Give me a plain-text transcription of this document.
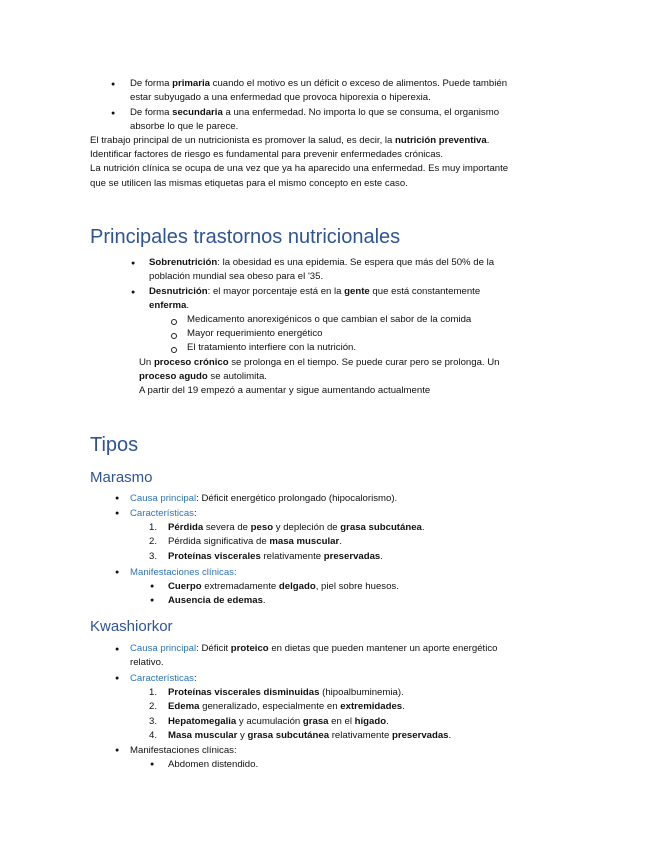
● De forma primaria cuando el motivo es un déficit o exceso de alimentos. Puede también
estar subyugado a una enfermedad que provoca hiporexia o hiperexia.
● De forma secundaria a una enfermedad. No importa lo que se consuma, el organismo
absorbe lo que le parece.
El trabajo principal de un nutricionista es promover la salud, es decir, la nutrición preventiva.
Identificar factores de riesgo es fundamental para prevenir enfermedades crónicas.
La nutrición clínica se ocupa de una vez que ya ha aparecido una enfermedad. Es muy importante
que se utilicen las mismas etiquetas para el mismo concepto en este caso.
Principales trastornos nutricionales
● Sobrenutrición: la obesidad es una epidemia. Se espera que más del 50% de la
población mundial sea obeso para el '35.
● Desnutrición: el mayor porcentaje está en la gente que está constantemente
enferma.
Medicamento anorexigénicos o que cambian el sabor de la comida
Mayor requerimiento energético
El tratamiento interfiere con la nutrición.
Un proceso crónico se prolonga en el tiempo. Se puede curar pero se prolonga. Un
proceso agudo se autolimita.
A partir del 19 empezó a aumentar y sigue aumentando actualmente
Tipos
Marasmo
● Causa principal: Déficit energético prolongado (hipocalorismo).
● Características:
1. Pérdida severa de peso y depleción de grasa subcutánea.
2. Pérdida significativa de masa muscular.
3. Proteínas viscerales relativamente preservadas.
● Manifestaciones clínicas:
● Cuerpo extremadamente delgado, piel sobre huesos.
● Ausencia de edemas.
Kwashiorkor
● Causa principal: Déficit proteico en dietas que pueden mantener un aporte energético
relativo.
● Características:
1. Proteínas viscerales disminuidas (hipoalbuminemia).
2. Edema generalizado, especialmente en extremidades.
3. Hepatomegalia y acumulación grasa en el hígado.
4. Masa muscular y grasa subcutánea relativamente preservadas.
● Manifestaciones clínicas:
● Abdomen distendido.
